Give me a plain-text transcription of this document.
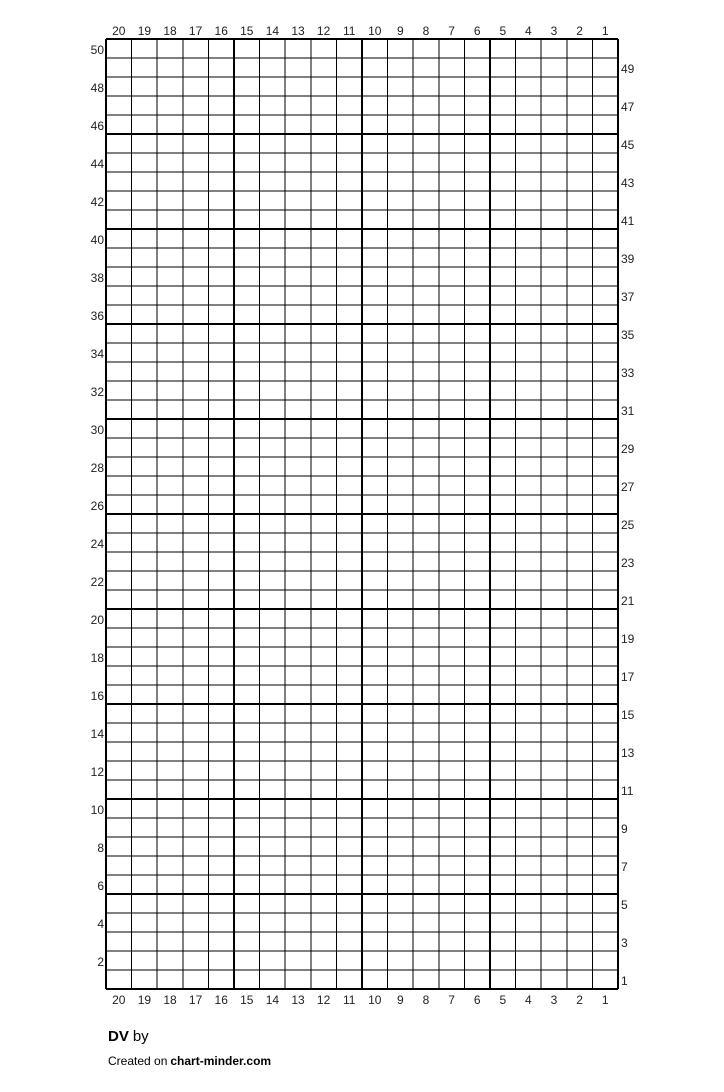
20 19 18 17 16 15 14 13 12 11 10 9 8 7 6 5 4 3 2 1
20 19 18 17 16 15 14 13 12 11 10 9 8 7 6 5 4 3 2 1
50
48
46
44
42
40
38
36
34
32
30
28
26
24
22
20
18
16
14
12
10
8
6
4
2
49
47
45
43
41
39
37
35
33
31
29
27
25
23
21
19
17
15
13
11
9
7
5
3
1
DV by
Created on chart-minder.com
